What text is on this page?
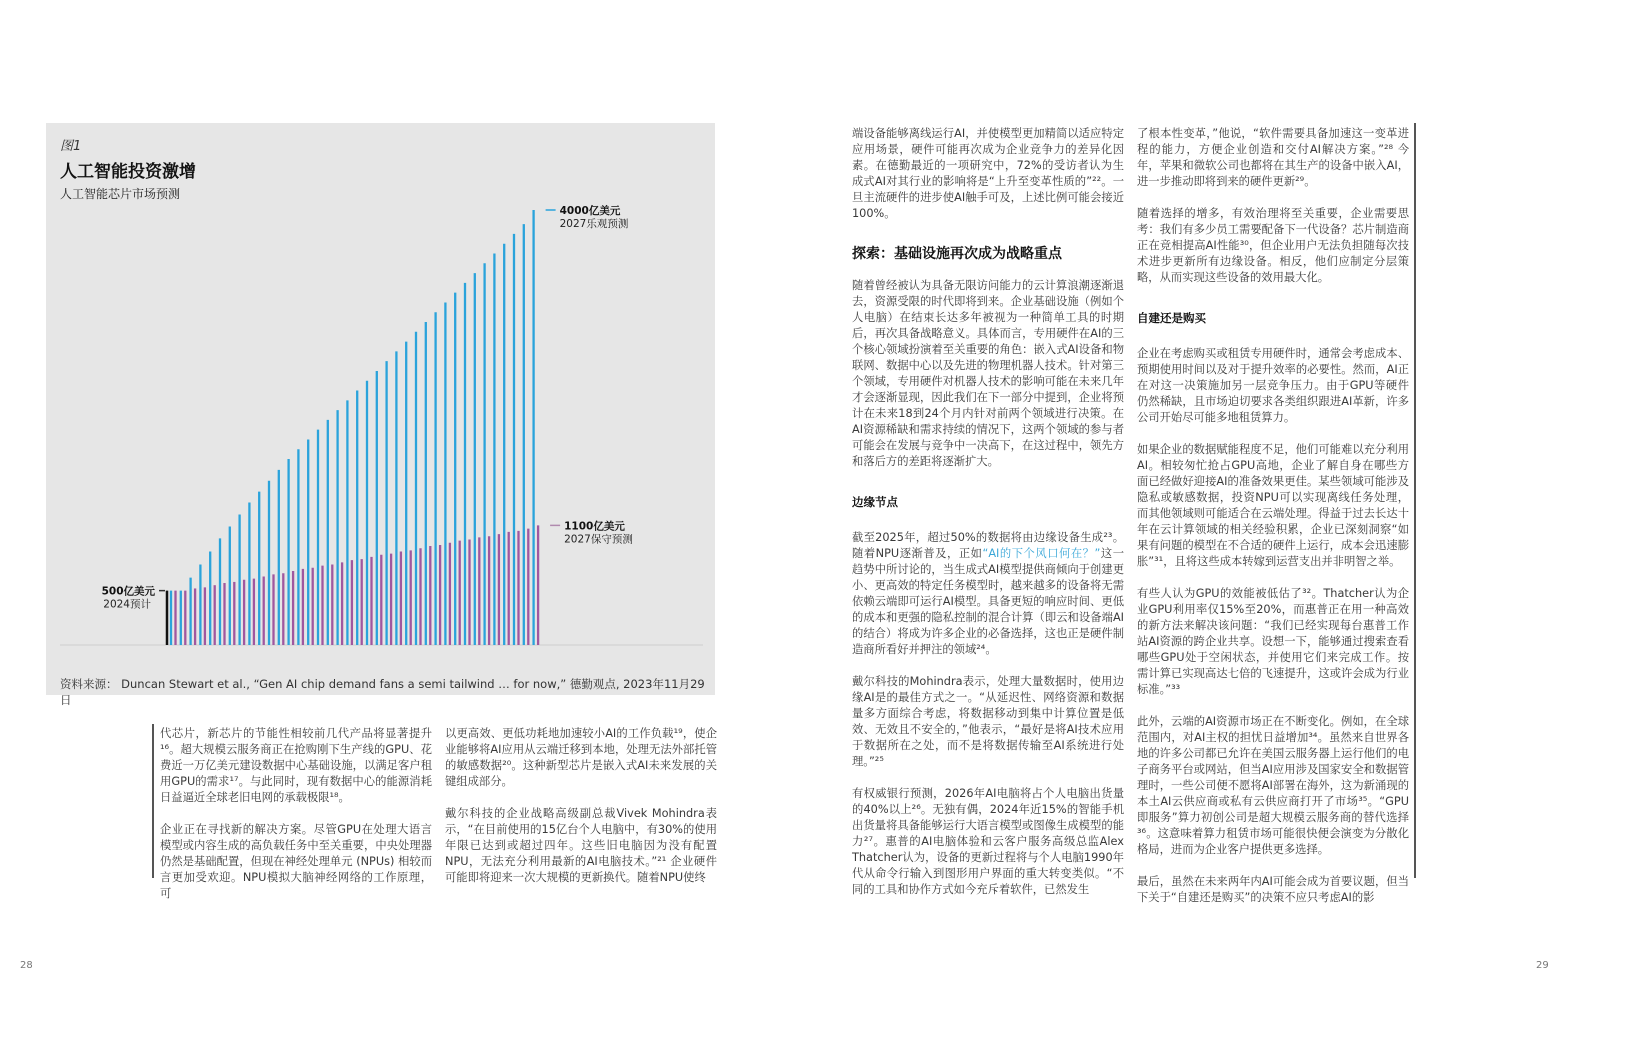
4000亿美元
2027乐观预测
1100亿美元
2027保守预测
500亿美元
2024预计
图1
人工智能投资激增
人工智能芯片市场预测
资料来源： Duncan Stewart et al., “Gen AI chip demand fans a semi tailwind … for now,” 德勤观点, 2023年11月29日

代芯片，新芯片的节能性相较前几代产品将显著提升¹⁶。超大规模云服务商正在抢购刚下生产线的GPU、花费近一万亿美元建设数据中心基础设施，以满足客户租用GPU的需求¹⁷。与此同时，现有数据中心的能源消耗日益逼近全球老旧电网的承载极限¹⁸。

企业正在寻找新的解决方案。尽管GPU在处理大语言模型或内容生成的高负载任务中至关重要，中央处理器仍然是基础配置，但现在神经处理单元 (NPUs) 相较而言更加受欢迎。NPU模拟大脑神经网络的工作原理，可

以更高效、更低功耗地加速较小AI的工作负载¹⁹，使企业能够将AI应用从云端迁移到本地，处理无法外部托管的敏感数据²⁰。这种新型芯片是嵌入式AI未来发展的关键组成部分。

戴尔科技的企业战略高级副总裁Vivek Mohindra表示，“在目前使用的15亿台个人电脑中，有30%的使用年限已达到或超过四年。这些旧电脑因为没有配置NPU，无法充分利用最新的AI电脑技术。”²¹ 企业硬件可能即将迎来一次大规模的更新换代。随着NPU使终

28

端设备能够离线运行AI，并使模型更加精简以适应特定应用场景，硬件可能再次成为企业竞争力的差异化因素。在德勤最近的一项研究中，72%的受访者认为生成式AI对其行业的影响将是“上升至变革性质的”²²。一旦主流硬件的进步使AI触手可及，上述比例可能会接近100%。

探索：基础设施再次成为战略重点

随着曾经被认为具备无限访问能力的云计算浪潮逐渐退去，资源受限的时代即将到来。企业基础设施（例如个人电脑）在结束长达多年被视为一种简单工具的时期后，再次具备战略意义。具体而言，专用硬件在AI的三个核心领域扮演着至关重要的角色：嵌入式AI设备和物联网、数据中心以及先进的物理机器人技术。针对第三个领域，专用硬件对机器人技术的影响可能在未来几年才会逐渐显现，因此我们在下一部分中提到，企业将预计在未来18到24个月内针对前两个领域进行决策。在AI资源稀缺和需求持续的情况下，这两个领域的参与者可能会在发展与竞争中一决高下，在这过程中，领先方和落后方的差距将逐渐扩大。

边缘节点

截至2025年，超过50%的数据将由边缘设备生成²³。随着NPU逐渐普及，正如“AI的下个风口何在？”这一趋势中所讨论的，当生成式AI模型提供商倾向于创建更小、更高效的特定任务模型时，越来越多的设备将无需依赖云端即可运行AI模型。具备更短的响应时间、更低的成本和更强的隐私控制的混合计算（即云和设备端AI的结合）将成为许多企业的必备选择，这也正是硬件制造商所看好并押注的领域²⁴。

戴尔科技的Mohindra表示，处理大量数据时，使用边缘AI是的最佳方式之一。“从延迟性、网络资源和数据量多方面综合考虑，将数据移动到集中计算位置是低效、无效且不安全的，”他表示，“最好是将AI技术应用于数据所在之处，而不是将数据传输至AI系统进行处理。”²⁵

有权威银行预测，2026年AI电脑将占个人电脑出货量的40%以上²⁶。无独有偶，2024年近15%的智能手机出货量将具备能够运行大语言模型或图像生成模型的能力²⁷。惠普的AI电脑体验和云客户服务高级总监Alex Thatcher认为，设备的更新过程将与个人电脑1990年代从命令行输入到图形用户界面的重大转变类似。“不同的工具和协作方式如今充斥着软件，已然发生

了根本性变革，”他说，“软件需要具备加速这一变革进程的能力，方便企业创造和交付AI解决方案。”²⁸ 今年，苹果和微软公司也都将在其生产的设备中嵌入AI，进一步推动即将到来的硬件更新²⁹。

随着选择的增多，有效治理将至关重要，企业需要思考：我们有多少员工需要配备下一代设备？芯片制造商正在竞相提高AI性能³⁰，但企业用户无法负担随每次技术进步更新所有边缘设备。相反，他们应制定分层策略，从而实现这些设备的效用最大化。

自建还是购买

企业在考虑购买或租赁专用硬件时，通常会考虑成本、预期使用时间以及对于提升效率的必要性。然而，AI正在对这一决策施加另一层竞争压力。由于GPU等硬件仍然稀缺，且市场迫切要求各类组织跟进AI革新，许多公司开始尽可能多地租赁算力。

如果企业的数据赋能程度不足，他们可能难以充分利用AI。相较匆忙抢占GPU高地，企业了解自身在哪些方面已经做好迎接AI的准备效果更佳。某些领域可能涉及隐私或敏感数据，投资NPU可以实现离线任务处理，而其他领域则可能适合在云端处理。得益于过去长达十年在云计算领域的相关经验积累，企业已深刻洞察“如果有问题的模型在不合适的硬件上运行，成本会迅速膨胀”³¹，且将这些成本转嫁到运营支出并非明智之举。

有些人认为GPU的效能被低估了³²。Thatcher认为企业GPU利用率仅15%至20%，而惠普正在用一种高效的新方法来解决该问题：“我们已经实现每台惠普工作站AI资源的跨企业共享。设想一下，能够通过搜索查看哪些GPU处于空闲状态，并使用它们来完成工作。按需计算已实现高达七倍的飞速提升，这或许会成为行业标准。”³³

此外，云端的AI资源市场正在不断变化。例如，在全球范围内，对AI主权的担忧日益增加³⁴。虽然来自世界各地的许多公司都已允许在美国云服务器上运行他们的电子商务平台或网站，但当AI应用涉及国家安全和数据管理时，一些公司便不愿将AI部署在海外，这为新涌现的本土AI云供应商或私有云供应商打开了市场³⁵。“GPU即服务”算力初创公司是超大规模云服务商的替代选择³⁶。这意味着算力租赁市场可能很快便会演变为分散化格局，进而为企业客户提供更多选择。

最后，虽然在未来两年内AI可能会成为首要议题，但当下关于“自建还是购买”的决策不应只考虑AI的影

29
